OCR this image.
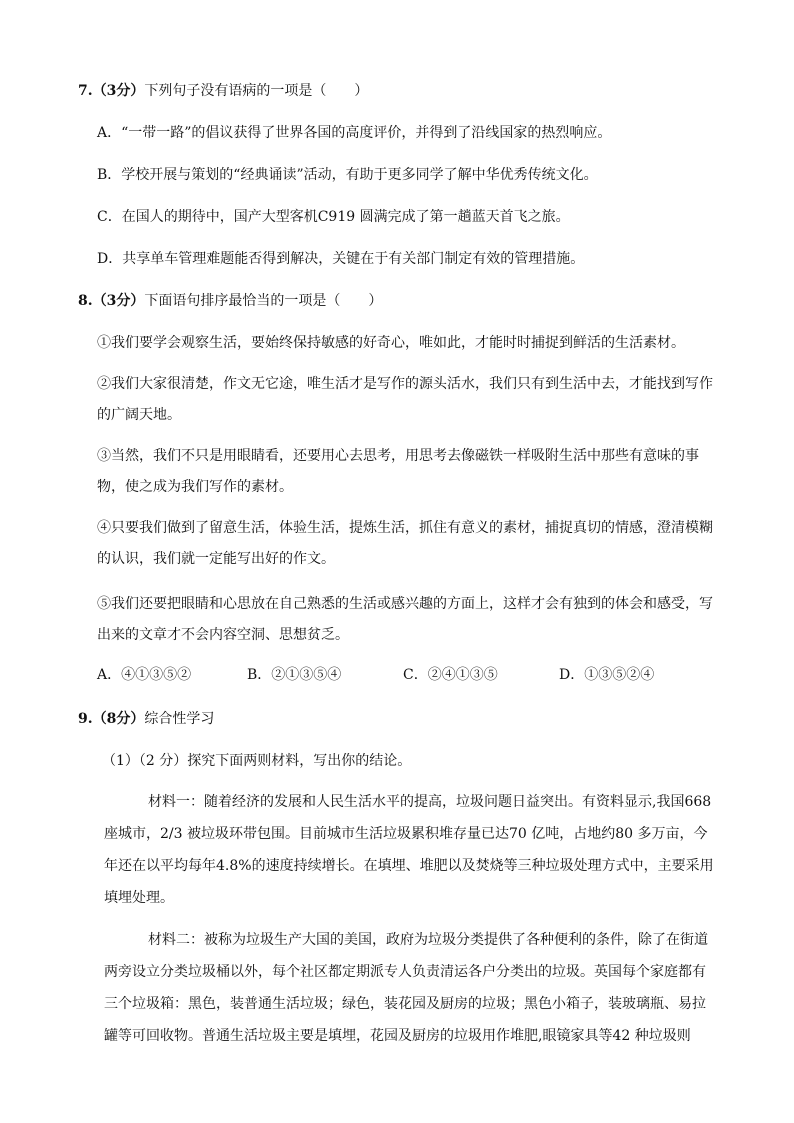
7.（3分）下列句子没有语病的一项是（　　）
A．“一带一路”的倡议获得了世界各国的高度评价，并得到了沿线国家的热烈响应。
B．学校开展与策划的“经典诵读”活动，有助于更多同学了解中华优秀传统文化。
C．在国人的期待中，国产大型客机C919 圆满完成了第一趟蓝天首飞之旅。
D．共享单车管理难题能否得到解决，关键在于有关部门制定有效的管理措施。
8.（3分）下面语句排序最恰当的一项是（　　）
①我们要学会观察生活，要始终保持敏感的好奇心，唯如此，才能时时捕捉到鲜活的生活素材。
②我们大家很清楚，作文无它途，唯生活才是写作的源头活水，我们只有到生活中去，才能找到写作的广阔天地。
③当然，我们不只是用眼睛看，还要用心去思考，用思考去像磁铁一样吸附生活中那些有意味的事物，使之成为我们写作的素材。
④只要我们做到了留意生活，体验生活，提炼生活，抓住有意义的素材，捕捉真切的情感，澄清模糊的认识，我们就一定能写出好的作文。
⑤我们还要把眼睛和心思放在自己熟悉的生活或感兴趣的方面上，这样才会有独到的体会和感受，写出来的文章才不会内容空洞、思想贫乏。
A．④①③⑤②	B．②①③⑤④	C．②④①③⑤	D．①③⑤②④
9.（8分）综合性学习
（1）（2 分）探究下面两则材料，写出你的结论。
材料一：随着经济的发展和人民生活水平的提高，垃圾问题日益突出。有资料显示,我国668 座城市，2/3 被垃圾环带包围。目前城市生活垃圾累积堆存量已达70 亿吨，占地约80 多万亩，今年还在以平均每年4.8%的速度持续增长。在填埋、堆肥以及焚烧等三种垃圾处理方式中，主要采用填埋处理。
材料二：被称为垃圾生产大国的美国，政府为垃圾分类提供了各种便利的条件，除了在街道两旁设立分类垃圾桶以外，每个社区都定期派专人负责清运各户分类出的垃圾。英国每个家庭都有三个垃圾箱：黑色，装普通生活垃圾；绿色，装花园及厨房的垃圾；黑色小箱子，装玻璃瓶、易拉罐等可回收物。普通生活垃圾主要是填埋，花园及厨房的垃圾用作堆肥,眼镜家具等42 种垃圾则
